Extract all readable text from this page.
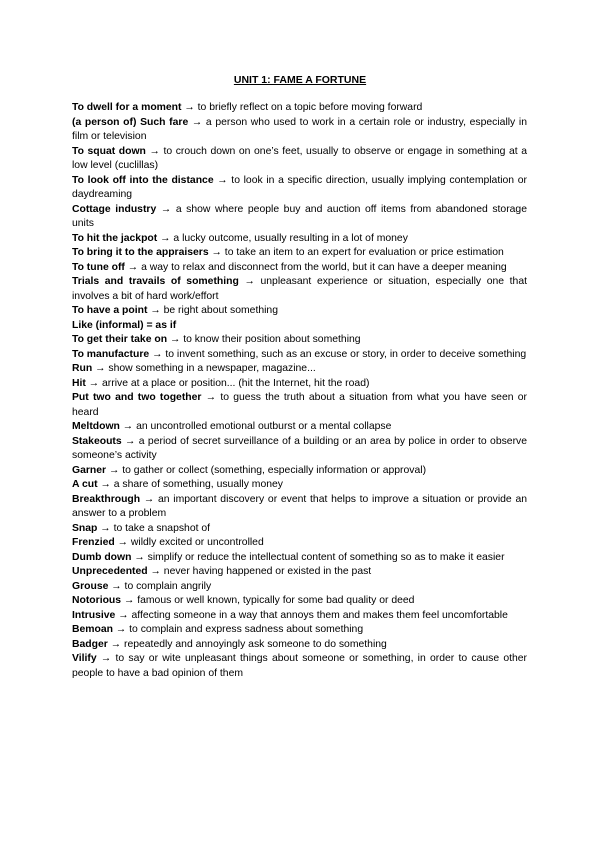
UNIT 1: FAME A FORTUNE

To dwell for a moment → to briefly reflect on a topic before moving forward

(a person of) Such fare → a person who used to work in a certain role or industry, especially in film or television

To squat down → to crouch down on one’s feet, usually to observe or engage in something at a low level (cuclillas)

To look off into the distance → to look in a specific direction, usually implying contemplation or daydreaming

Cottage industry → a show where people buy and auction off items from abandoned storage units

To hit the jackpot → a lucky outcome, usually resulting in a lot of money

To bring it to the appraisers → to take an item to an expert for evaluation or price estimation

To tune off → a way to relax and disconnect from the world, but it can have a deeper meaning

Trials and travails of something → unpleasant experience or situation, especially one that involves a bit of hard work/effort

To have a point → be right about something

Like (informal) = as if

To get their take on → to know their position about something

To manufacture → to invent something, such as an excuse or story, in order to deceive something

Run → show something in a newspaper, magazine...

Hit → arrive at a place or position... (hit the Internet, hit the road)

Put two and two together → to guess the truth about a situation from what you have seen or heard

Meltdown → an uncontrolled emotional outburst or a mental collapse

Stakeouts → a period of secret surveillance of a building or an area by police in order to observe someone’s activity

Garner → to gather or collect (something, especially information or approval)

A cut → a share of something, usually money

Breakthrough → an important discovery or event that helps to improve a situation or provide an answer to a problem

Snap → to take a snapshot of

Frenzied → wildly excited or uncontrolled

Dumb down → simplify or reduce the intellectual content of something so as to make it easier

Unprecedented → never having happened or existed in the past

Grouse → to complain angrily

Notorious → famous or well known, typically for some bad quality or deed

Intrusive → affecting someone in a way that annoys them and makes them feel uncomfortable

Bemoan → to complain and express sadness about something

Badger → repeatedly and annoyingly ask someone to do something

Vilify → to say or wite unpleasant things about someone or something, in order to cause other people to have a bad opinion of them
